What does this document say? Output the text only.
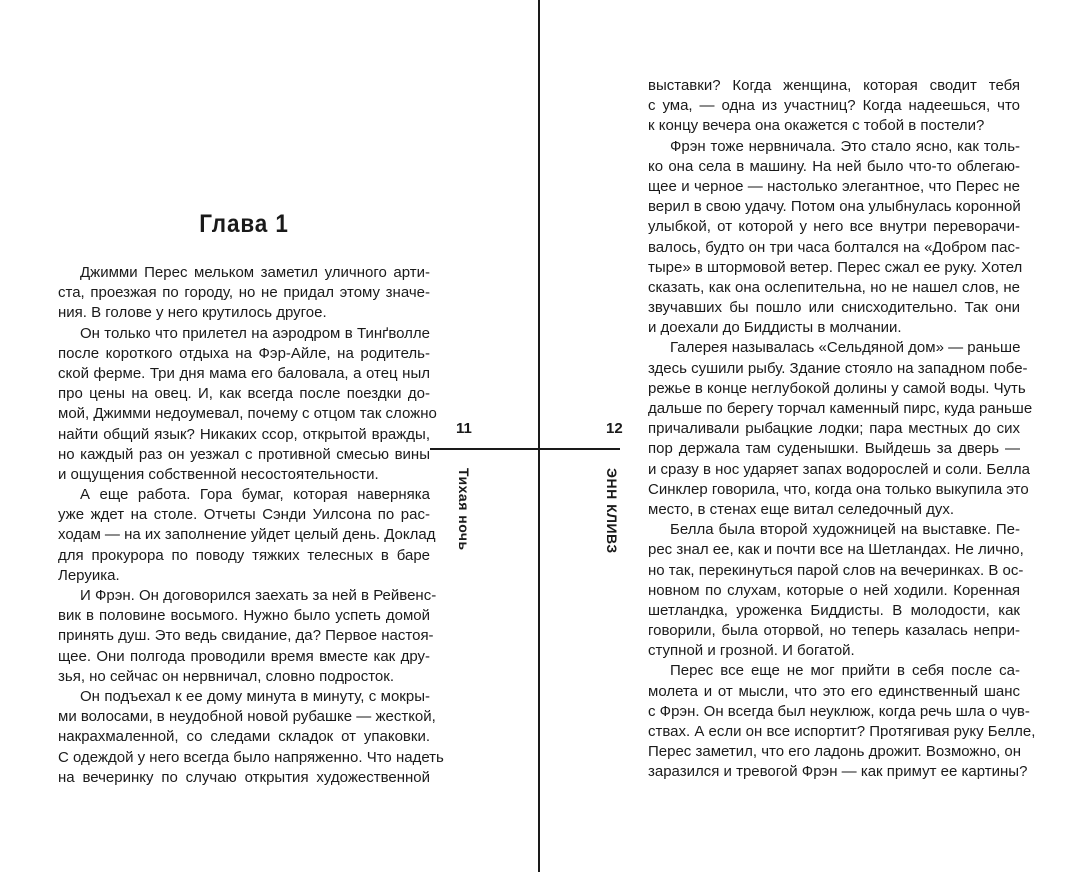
Глава 1
Джимми Перес мельком заметил уличного арти-
ста, проезжая по городу, но не придал этому значе-
ния. В голове у него крутилось другое.
Он только что прилетел на аэродром в Тинґволле
после короткого отдыха на Фэр-Айле, на родитель-
ской ферме. Три дня мама его баловала, а отец ныл
про цены на овец. И, как всегда после поездки до-
мой, Джимми недоумевал, почему с отцом так сложно
найти общий язык? Никаких ссор, открытой вражды,
но каждый раз он уезжал с противной смесью вины
и ощущения собственной несостоятельности.
А еще работа. Гора бумаг, которая наверняка
уже ждет на столе. Отчеты Сэнди Уилсона по рас-
ходам — на их заполнение уйдет целый день. Доклад
для прокурора по поводу тяжких телесных в баре
Леруика.
И Фрэн. Он договорился заехать за ней в Рейвенс-
вик в половине восьмого. Нужно было успеть домой
принять душ. Это ведь свидание, да? Первое настоя-
щее. Они полгода проводили время вместе как дру-
зья, но сейчас он нервничал, словно подросток.
Он подъехал к ее дому минута в минуту, с мокры-
ми волосами, в неудобной новой рубашке — жесткой,
накрахмаленной, со следами складок от упаковки.
С одеждой у него всегда было напряженно. Что надеть
на вечеринку по случаю открытия художественной
выставки? Когда женщина, которая сводит тебя
с ума, — одна из участниц? Когда надеешься, что
к концу вечера она окажется с тобой в постели?
Фрэн тоже нервничала. Это стало ясно, как толь-
ко она села в машину. На ней было что-то облегаю-
щее и черное — настолько элегантное, что Перес не
верил в свою удачу. Потом она улыбнулась коронной
улыбкой, от которой у него все внутри переворачи-
валось, будто он три часа болтался на «Добром пас-
тыре» в штормовой ветер. Перес сжал ее руку. Хотел
сказать, как она ослепительна, но не нашел слов, не
звучавших бы пошло или снисходительно. Так они
и доехали до Биддисты в молчании.
Галерея называлась «Сельдяной дом» — раньше
здесь сушили рыбу. Здание стояло на западном побе-
режье в конце неглубокой долины у самой воды. Чуть
дальше по берегу торчал каменный пирс, куда раньше
причаливали рыбацкие лодки; пара местных до сих
пор держала там суденышки. Выйдешь за дверь —
и сразу в нос ударяет запах водорослей и соли. Белла
Синклер говорила, что, когда она только выкупила это
место, в стенах еще витал селедочный дух.
Белла была второй художницей на выставке. Пе-
рес знал ее, как и почти все на Шетландах. Не лично,
но так, перекинуться парой слов на вечеринках. В ос-
новном по слухам, которые о ней ходили. Коренная
шетландка, уроженка Биддисты. В молодости, как
говорили, была оторвой, но теперь казалась непри-
ступной и грозной. И богатой.
Перес все еще не мог прийти в себя после са-
молета и от мысли, что это его единственный шанс
с Фрэн. Он всегда был неуклюж, когда речь шла о чув-
ствах. А если он все испортит? Протягивая руку Белле,
Перес заметил, что его ладонь дрожит. Возможно, он
заразился и тревогой Фрэн — как примут ее картины?
11	12
Тихая ночь	ЭНН КЛИВЗ
